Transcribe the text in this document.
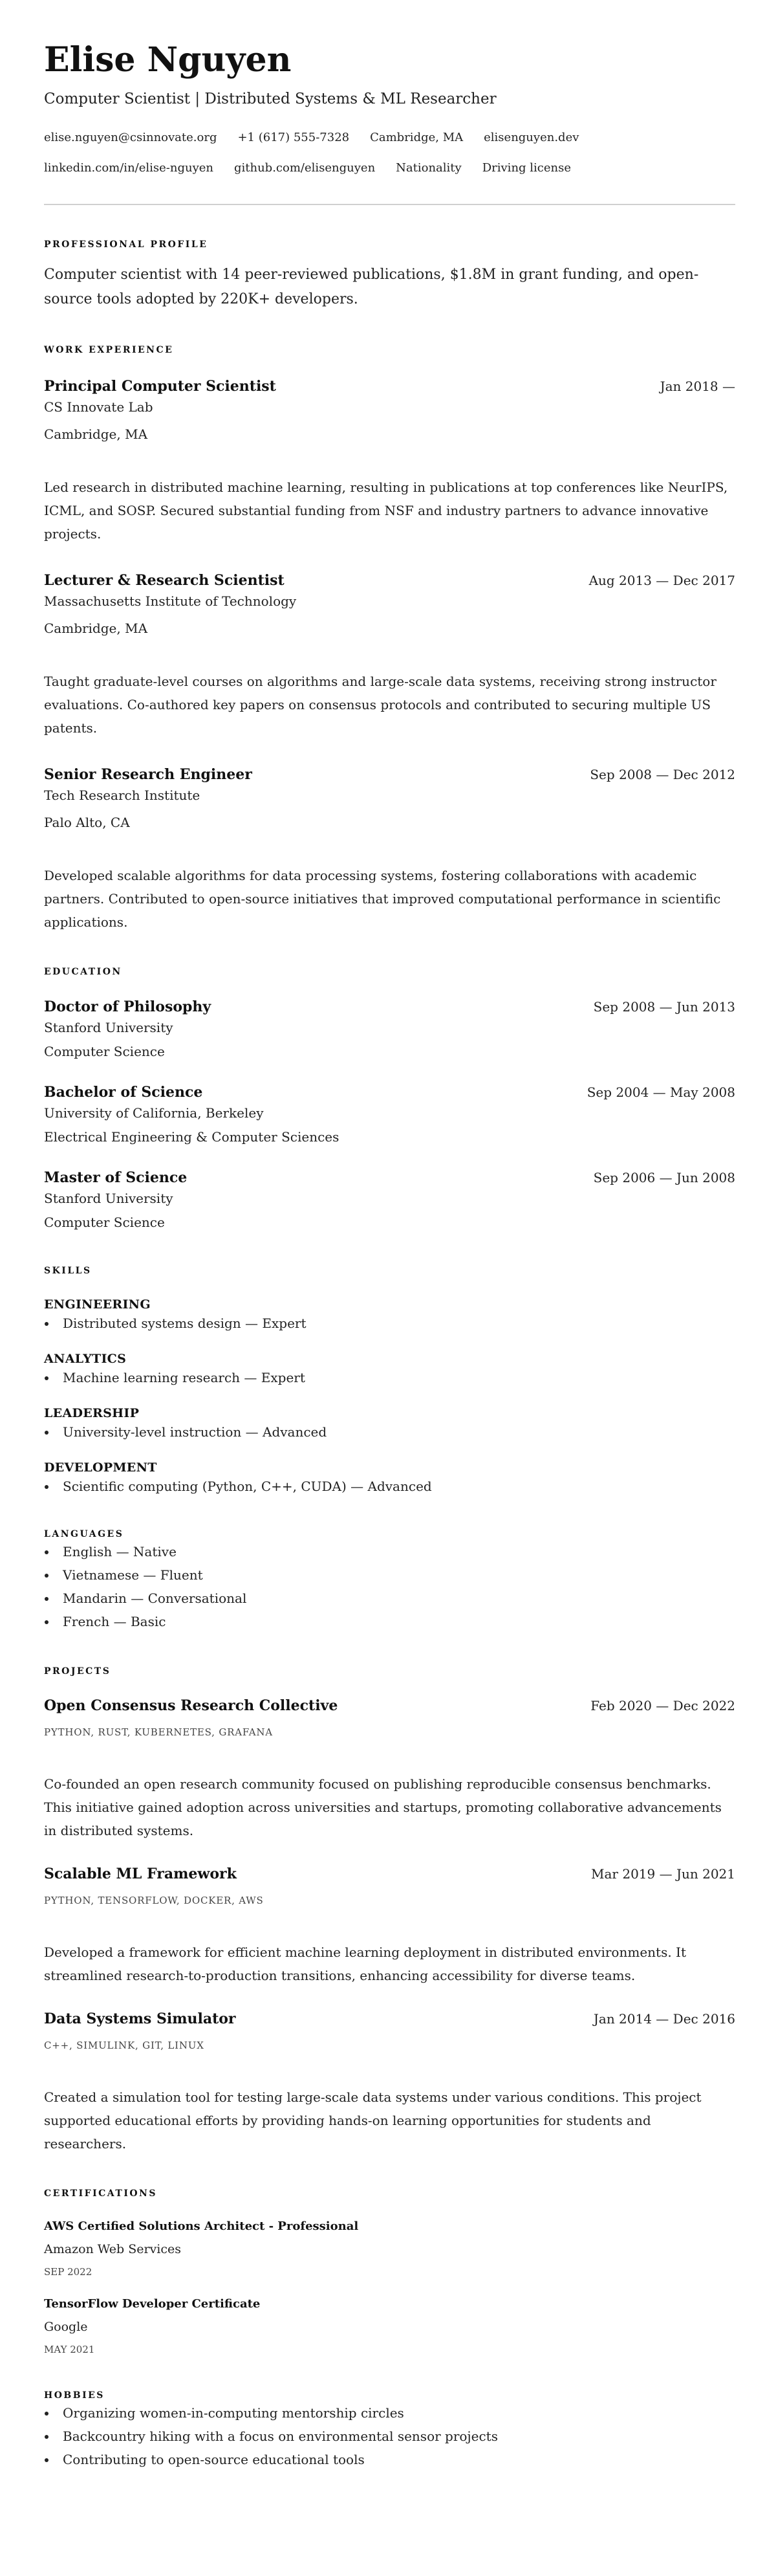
Elise Nguyen
Computer Scientist | Distributed Systems & ML Researcher
elise.nguyen@csinnovate.org +1 (617) 555-7328 Cambridge, MA elisenguyen.dev
linkedin.com/in/elise-nguyen github.com/elisenguyen Nationality Driving license
PROFESSIONAL PROFILE
Computer scientist with 14 peer-reviewed publications, $1.8M in grant funding, and open-source tools adopted by 220K+ developers.
WORK EXPERIENCE
Principal Computer Scientist	Jan 2018 —
CS Innovate Lab
Cambridge, MA
Led research in distributed machine learning, resulting in publications at top conferences like NeurIPS, ICML, and SOSP. Secured substantial funding from NSF and industry partners to advance innovative projects.
Lecturer & Research Scientist	Aug 2013 — Dec 2017
Massachusetts Institute of Technology
Cambridge, MA
Taught graduate-level courses on algorithms and large-scale data systems, receiving strong instructor evaluations. Co-authored key papers on consensus protocols and contributed to securing multiple US patents.
Senior Research Engineer	Sep 2008 — Dec 2012
Tech Research Institute
Palo Alto, CA
Developed scalable algorithms for data processing systems, fostering collaborations with academic partners. Contributed to open-source initiatives that improved computational performance in scientific applications.
EDUCATION
Doctor of Philosophy	Sep 2008 — Jun 2013
Stanford University
Computer Science
Bachelor of Science	Sep 2004 — May 2008
University of California, Berkeley
Electrical Engineering & Computer Sciences
Master of Science	Sep 2006 — Jun 2008
Stanford University
Computer Science
SKILLS
ENGINEERING
Distributed systems design — Expert
ANALYTICS
Machine learning research — Expert
LEADERSHIP
University-level instruction — Advanced
DEVELOPMENT
Scientific computing (Python, C++, CUDA) — Advanced
LANGUAGES
English — Native
Vietnamese — Fluent
Mandarin — Conversational
French — Basic
PROJECTS
Open Consensus Research Collective	Feb 2020 — Dec 2022
PYTHON, RUST, KUBERNETES, GRAFANA
Co-founded an open research community focused on publishing reproducible consensus benchmarks. This initiative gained adoption across universities and startups, promoting collaborative advancements in distributed systems.
Scalable ML Framework	Mar 2019 — Jun 2021
PYTHON, TENSORFLOW, DOCKER, AWS
Developed a framework for efficient machine learning deployment in distributed environments. It streamlined research-to-production transitions, enhancing accessibility for diverse teams.
Data Systems Simulator	Jan 2014 — Dec 2016
C++, SIMULINK, GIT, LINUX
Created a simulation tool for testing large-scale data systems under various conditions. This project supported educational efforts by providing hands-on learning opportunities for students and researchers.
CERTIFICATIONS
AWS Certified Solutions Architect - Professional
Amazon Web Services
SEP 2022
TensorFlow Developer Certificate
Google
MAY 2021
HOBBIES
Organizing women-in-computing mentorship circles
Backcountry hiking with a focus on environmental sensor projects
Contributing to open-source educational tools
